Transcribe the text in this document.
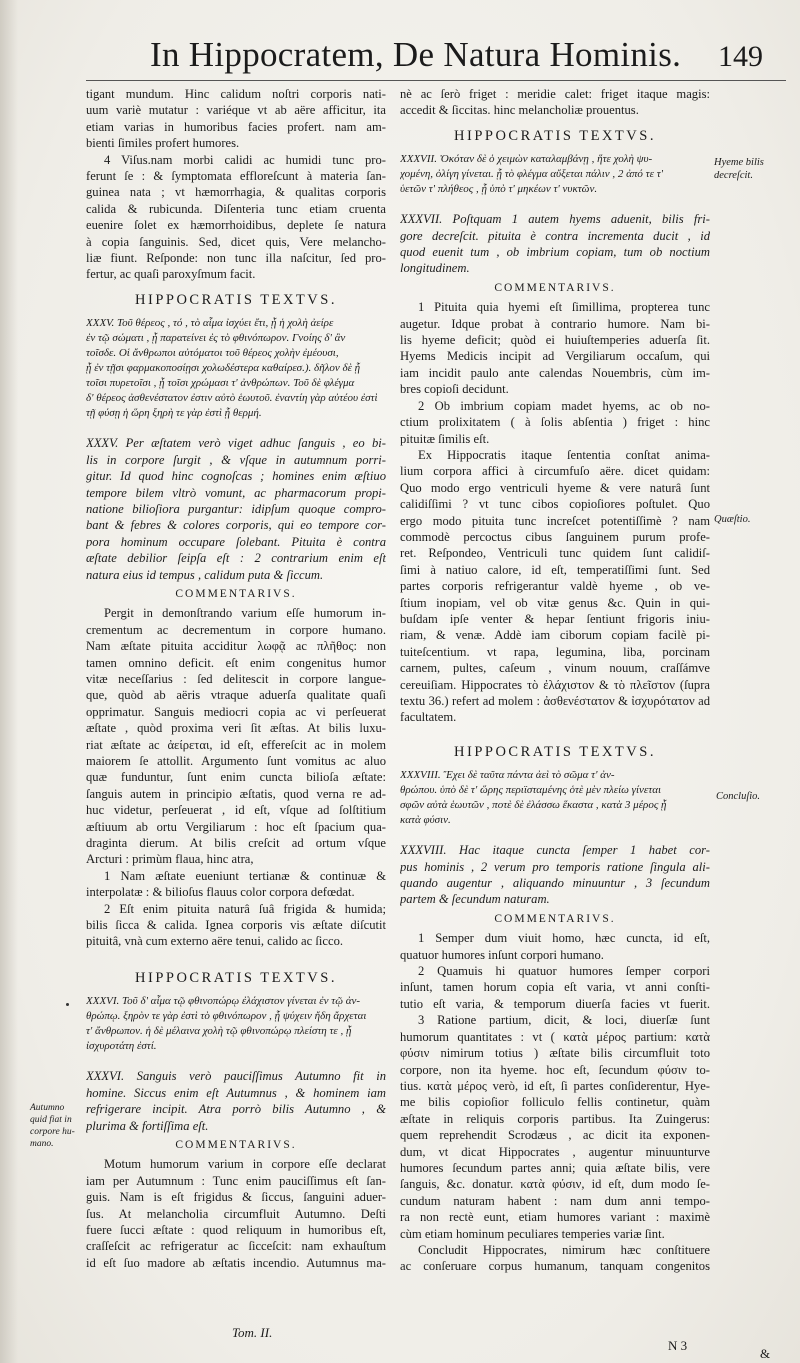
In Hippocratem, De Natura Hominis.	149
tigant mundum. Hinc calidum noſtri corporis nati-
uum variè mutatur : variéque vt ab aëre afficitur, ita
etiam varias in humoribus facies profert. nam am-
bienti ſimiles profert humores.
4 Viſus.nam morbi calidi ac humidi tunc pro-
ferunt ſe : & ſymptomata effloreſcunt à materia ſan-
guinea nata ; vt hæmorrhagia, & qualitas corporis
calida & rubicunda. Diſenteria tunc etiam cruenta
euenire ſolet ex hæmorrhoidibus, deplete ſe natura
à copia ſanguinis. Sed, dicet quis, Vere melancho-
liæ fiunt. Reſponde: non tunc illa naſcitur, ſed pro-
fertur, ac quaſi paroxyſmum facit.
HIPPOCRATIS TEXTVS.
XXXV. Τοῦ θέρεος , τό , τὸ αἷμα ἰσχύει ἔτι, ᾗ ἡ χολὴ ἀείρε
ἐν τῷ σώματι , ᾗ παρατείνει ἐς τὸ φθινόπωρον. Γνοίης δ' ἂν
τοῖσδε. Οἱ ἄνθρωποι αὐτόματοι τοῦ θέρεος χολὴν ἐμέουσι,
ᾗ ἐν τῇσι φαρμακοποσίῃσι χολωδέστερα καθαίρεσ.). δῆλον δὲ ᾗ
τοῖσι πυρετοῖσι , ᾗ τοῖσι χρώμασι τ' ἀνθρώπων. Τοῦ δὲ φλέγμα
δ' θέρεος ἀσθενέστατον ἐστιν αὐτὸ ἑωυτοῦ. ἐναντίη γὰρ αὐτέου ἐστὶ
τῇ φύσῃ ἡ ὥρη ξηρὴ τε γὰρ ἐστὶ ᾗ θερμή.
XXXV. Per æſtatem verò viget adhuc ſanguis , eo bi-
lis in corpore ſurgit , & vſque in autumnum porri-
gitur. Id quod hinc cognoſcas ; homines enim æſtiuo
tempore bilem vltrò vomunt, ac pharmacorum propi-
natione bilioſiora purgantur: idipſum quoque compro-
bant & febres & colores corporis, qui eo tempore cor-
pora hominum occupare ſolebant. Pituita è contra
æſtate debilior ſeipſa eſt : 2 contrarium enim eſt
natura eius id tempus , calidum puta & ſiccum.
COMMENTARIVS.
Pergit in demonſtrando varium eſſe humorum in-
crementum ac decrementum in corpore humano.
Nam æſtate pituita acciditur λωφᾷ ac πλῆθος: non
tamen omnino deficit. eſt enim congenitus humor
vitæ neceſſarius : ſed delitescit in corpore langue-
que, quòd ab aëris vtraque aduerſa qualitate quaſi
opprimatur. Sanguis mediocri copia ac vi perſeuerat
æſtate , quòd proxima veri ſit æſtas. At bilis luxu-
riat æſtate ac ἀείρεται, id eſt, effereſcit ac in molem
maiorem ſe attollit. Argumento ſunt vomitus ac aluo
quæ funduntur, ſunt enim cuncta bilioſa æſtate:
ſanguis autem in principio æſtatis, quod verna re ad-
huc videtur, perſeuerat , id eſt, vſque ad ſolſtitium
æſtiuum ab ortu Vergiliarum : hoc eſt ſpacium qua-
draginta dierum. At bilis creſcit ad ortum vſque
Arcturi : primùm flaua, hinc atra,
1 Nam æſtate eueniunt tertianæ & continuæ &
interpolatæ : & bilioſus flauus color corpora defœdat.
2 Eſt enim pituita naturâ ſuâ frigida & humida;
bilis ſicca & calida. Ignea corporis vis æſtate diſcutit
pituitâ, vnà cum externo aëre tenui, calido ac ſicco.
HIPPOCRATIS TEXTVS.
XXXVI. Τοῦ δ' αἷμα τῷ φθινοπώρῳ ἐλάχιστον γίνεται ἐν τῷ ἀν-
θρώπῳ. ξηρὸν τε γὰρ ἐστὶ τὸ φθινόπωρον , ᾗ ψύχειν ἤδη ἄρχεται
τ' ἄνθρωπον. ἡ δὲ μέλαινα χολὴ τῷ φθινοπώρῳ πλείστη τε , ᾗ
ἰσχυροτάτη ἐστί.
XXXVI. Sanguis verò pauciſſimus Autumno fit in
homine. Siccus enim eſt Autumnus , & hominem iam
refrigerare incipit. Atra porrò bilis Autumno , &
plurima & fortiſſima eſt.
COMMENTARIVS.
Motum humorum varium in corpore eſſe declarat
iam per Autumnum : Tunc enim pauciſſimus eſt ſan-
guis. Nam is eſt frigidus & ſiccus, ſanguini aduer-
ſus. At melancholia circumfluit Autumno. Deſti
fuere ſucci æſtate : quod reliquum in humoribus eſt,
craſſeſcit ac refrigeratur ac ſicceſcit: nam exhauſtum
id eſt ſuo madore ab æſtatis incendio. Autumnus ma-
nè ac ſerò friget : meridie calet: friget itaque magis:
accedit & ſiccitas. hinc melancholiæ prouentus.
HIPPOCRATIS TEXTVS.
XXXVII. Ὁκόταν δὲ ὁ χειμὼν καταλαμβάνῃ , ἥτε χολὴ ψυ-
χομένη, ὀλίγη γίνεται. ᾗ τὸ φλέγμα αὔξεται πάλιν , 2 ἀπό τε τ'
ὑετῶν τ' πλήθεος , ᾗ ὑπὸ τ' μηκέων τ' νυκτῶν.
XXXVII. Poſtquam 1 autem hyems aduenit, bilis fri-
gore decreſcit. pituita è contra incrementa ducit , id
quod euenit tum , ob imbrium copiam, tum ob noctium
longitudinem.
COMMENTARIVS.
1 Pituita quia hyemi eſt ſimillima, propterea tunc
augetur. Idque probat à contrario humore. Nam bi-
lis hyeme deficit; quòd ei huiuſtemperies aduerſa ſit.
Hyems Medicis incipit ad Vergiliarum occaſum, qui
iam incidit paulo ante calendas Nouembris, cùm im-
bres copioſi decidunt.
2 Ob imbrium copiam madet hyems, ac ob no-
ctium prolixitatem ( à ſolis abſentia ) friget : hinc
pituitæ ſimilis eſt.
Ex Hippocratis itaque ſententia conſtat anima-
lium corpora affici à circumfuſo aëre. dicet quidam:
Quo modo ergo ventriculi hyeme & vere naturâ ſunt
calidiſſimi ? vt tunc cibos copioſiores poſtulet. Quo
ergo modo pituita tunc increſcet potentiſſimè ? nam
commodè percoctus cibus ſanguinem purum profe-
ret. Reſpondeo, Ventriculi tunc quidem ſunt calidiſ-
ſimi à natiuo calore, id eſt, temperatiſſimi ſunt. Sed
partes corporis refrigerantur valdè hyeme , ob ve-
ſtium inopiam, vel ob vitæ genus &c. Quin in qui-
buſdam ipſe venter & hepar ſentiunt frigoris iniu-
riam, & venæ. Addè iam ciborum copiam facilè pi-
tuiteſcentium. vt rapa, legumina, liba, porcinam
carnem, pultes, caſeum , vinum nouum, craſſámve
cereuiſiam. Hippocrates τὸ ἐλάχιστον & τὸ πλεῖστον (ſupra
textu 36.) refert ad molem : ἀσθενέστατον & ἰσχυρότατον ad
facultatem.
HIPPOCRATIS TEXTVS.
XXXVIII. Ἔχει δὲ ταῦτα πάντα ἀεὶ τὸ σῶμα τ' ἀν-
θρώπου. ὑπὸ δὲ τ' ὥρης περιϊσταμένης ὁτὲ μὲν πλείω γίνεται
σφῶν αὐτὰ ἑωυτῶν , ποτὲ δὲ ἐλάσσω ἕκαστα , κατὰ 3 μέρος ᾗ
κατὰ φύσιν.
XXXVIII. Hac itaque cuncta ſemper 1 habet cor-
pus hominis , 2 verum pro temporis ratione ſingula ali-
quando augentur , aliquando minuuntur , 3 ſecundum
partem & ſecundum naturam.
COMMENTARIVS.
1 Semper dum viuit homo, hæc cuncta, id eſt,
quatuor humores inſunt corpori humano.
2 Quamuis hi quatuor humores ſemper corpori
inſunt, tamen horum copia eſt varia, vt anni conſti-
tutio eſt varia, & temporum diuerſa facies vt fuerit.
3 Ratione partium, dicit, & loci, diuerſæ ſunt
humorum quantitates : vt ( κατὰ μέρος partium: κατὰ
φύσιν nimirum totius ) æſtate bilis circumfluit toto
corpore, non ita hyeme. hoc eſt, ſecundum φύσιν to-
tius. κατὰ μέρος verò, id eſt, ſi partes conſiderentur, Hye-
me bilis copioſior folliculo fellis continetur, quàm
æſtate in reliquis corporis partibus. Ita Zuingerus:
quem reprehendit Scrodæus , ac dicit ita exponen-
dum, vt dicat Hippocrates , augentur minuunturve
humores ſecundum partes anni; quia æſtate bilis, vere
ſanguis, &c. donatur. κατὰ φύσιν, id eſt, dum modo ſe-
cundum naturam habent : nam dum anni tempo-
ra non rectè eunt, etiam humores variant : maximè
cùm etiam hominum peculiares temperies variæ ſint.
Concludit Hippocrates, nimirum hæc conſtituere
ac conſeruare corpus humanum, tanquam congenitos
Hyeme bilis
decreſcit.
Quæſtio.
Concluſio.
Autumno
quid fiat in
corpore hu-
mano.
Tom. II.
N 3
&
